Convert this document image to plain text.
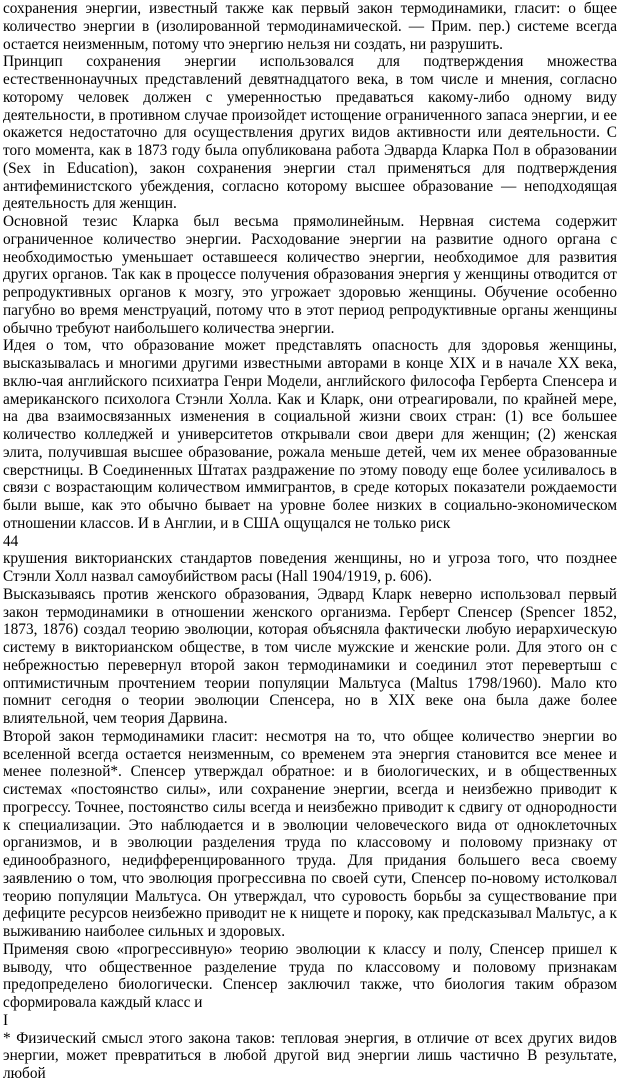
сохранения энергии, известный также как первый закон термодинамики, гласит: о бщее количество энергии в (изолированной термодинамической. — Прим. пер.) системе всегда остается неизменным, потому что энергию нельзя ни создать, ни разрушить.

Принцип сохранения энергии использовался для подтверждения множества естественнонаучных представлений девятнадцатого века, в том числе и мнения, согласно которому человек должен с умеренностью предаваться какому-либо одному виду деятельности, в противном случае произойдет истощение ограниченного запаса энергии, и ее окажется недостаточно для осуществления других видов активности или деятельности. С того момента, как в 1873 году была опубликована работа Эдварда Кларка Пол в образовании (Sex in Education), закон сохранения энергии стал применяться для подтверждения антифеминистского убеждения, согласно которому высшее образование — неподходящая деятельность для женщин.

Основной тезис Кларка был весьма прямолинейным. Нервная система содержит ограниченное количество энергии. Расходование энергии на развитие одного органа с необходимостью уменьшает оставшееся количество энергии, необходимое для развития других органов. Так как в процессе получения образования энергия у женщины отводится от репродуктивных органов к мозгу, это угрожает здоровью женщины. Обучение особенно пагубно во время менструаций, потому что в этот период репродуктивные органы женщины обычно требуют наибольшего количества энергии.

Идея о том, что образование может представлять опасность для здоровья женщины, высказывалась и многими другими известными авторами в конце XIX и в начале XX века, вклю-чая английского психиатра Генри Модели, английского философа Герберта Спенсера и американского психолога Стэнли Холла. Как и Кларк, они отреагировали, по крайней мере, на два взаимосвязанных изменения в социальной жизни своих стран: (1) все большее количество колледжей и университетов открывали свои двери для женщин; (2) женская элита, получившая высшее образование, рожала меньше детей, чем их менее образованные сверстницы. В Соединенных Штатах раздражение по этому поводу еще более усиливалось в связи с возрастающим количеством иммигрантов, в среде которых показатели рождаемости были выше, как это обычно бывает на уровне более низких в социально-экономическом отношении классов. И в Англии, и в США ощущался не только риск

44

крушения викторианских стандартов поведения женщины, но и угроза того, что позднее Стэнли Холл назвал самоубийством расы (Hall 1904/1919, р. 606).

Высказываясь против женского образования, Эдвард Кларк неверно использовал первый закон термодинамики в отношении женского организма. Герберт Спенсер (Spencer 1852, 1873, 1876) создал теорию эволюции, которая объясняла фактически любую иерархическую систему в викторианском обществе, в том числе мужские и женские роли. Для этого он с небрежностью перевернул второй закон термодинамики и соединил этот перевертыш с оптимистичным прочтением теории популяции Мальтуса (Maltus 1798/1960). Мало кто помнит сегодня о теории эволюции Спенсера, но в XIX веке она была даже более влиятельной, чем теория Дарвина.

Второй закон термодинамики гласит: несмотря на то, что общее количество энергии во вселенной всегда остается неизменным, со временем эта энергия становится все менее и менее полезной*. Спенсер утверждал обратное: и в биологических, и в общественных системах «постоянство силы», или сохранение энергии, всегда и неизбежно приводит к прогрессу. Точнее, постоянство силы всегда и неизбежно приводит к сдвигу от однородности к специализации. Это наблюдается и в эволюции человеческого вида от одноклеточных организмов, и в эволюции разделения труда по классовому и половому признаку от единообразного, недифференцированного труда. Для придания большего веса своему заявлению о том, что эволюция прогрессивна по своей сути, Спенсер по-новому истолковал теорию популяции Мальтуса. Он утверждал, что суровость борьбы за существование при дефиците ресурсов неизбежно приводит не к нищете и пороку, как предсказывал Мальтус, а к выживанию наиболее сильных и здоровых.

Применяя свою «прогрессивную» теорию эволюции к классу и полу, Спенсер пришел к выводу, что общественное разделение труда по классовому и половому признакам предопределено биологически. Спенсер заключил также, что биология таким образом сформировала каждый класс и

I

* Физический смысл этого закона таков: тепловая энергия, в отличие от всех других видов энергии, может превратиться в любой другой вид энергии лишь частично В результате, любой
